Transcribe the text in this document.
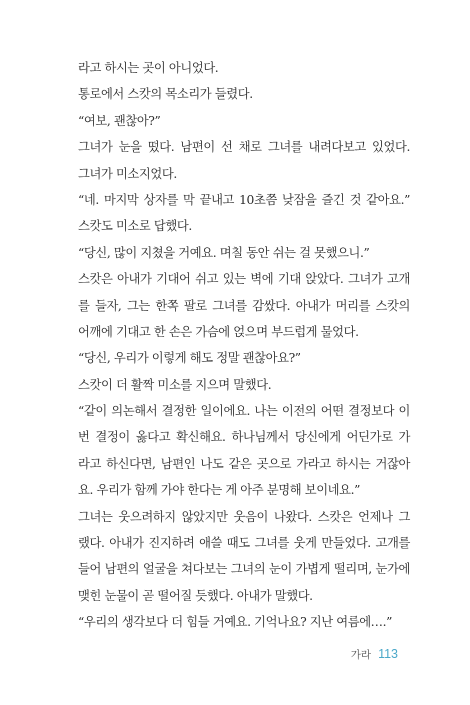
라고 하시는 곳이 아니었다.

통로에서 스캇의 목소리가 들렸다.

“여보, 괜찮아?”

그녀가 눈을 떴다. 남편이 선 채로 그녀를 내려다보고 있었다.

그녀가 미소지었다.

“네. 마지막 상자를 막 끝내고 10초쯤 낮잠을 즐긴 것 같아요.”

스캇도 미소로 답했다.

“당신, 많이 지쳤을 거예요. 며칠 동안 쉬는 걸 못했으니.”

스캇은 아내가 기대어 쉬고 있는 벽에 기대 앉았다. 그녀가 고개

를 들자, 그는 한쪽 팔로 그녀를 감쌌다. 아내가 머리를 스캇의

어깨에 기대고 한 손은 가슴에 얹으며 부드럽게 물었다.

“당신, 우리가 이렇게 해도 정말 괜찮아요?”

스캇이 더 활짝 미소를 지으며 말했다.

“같이 의논해서 결정한 일이에요. 나는 이전의 어떤 결정보다 이

번 결정이 옳다고 확신해요. 하나님께서 당신에게 어딘가로 가

라고 하신다면, 남편인 나도 같은 곳으로 가라고 하시는 거잖아

요. 우리가 함께 가야 한다는 게 아주 분명해 보이네요.”

그녀는 웃으려하지 않았지만 웃음이 나왔다. 스캇은 언제나 그

랬다. 아내가 진지하려 애쓸 때도 그녀를 웃게 만들었다. 고개를

들어 남편의 얼굴을 쳐다보는 그녀의 눈이 가볍게 떨리며, 눈가에

맺힌 눈물이 곧 떨어질 듯했다. 아내가 말했다.

“우리의 생각보다 더 힘들 거예요. 기억나요? 지난 여름에….”

가라 113
